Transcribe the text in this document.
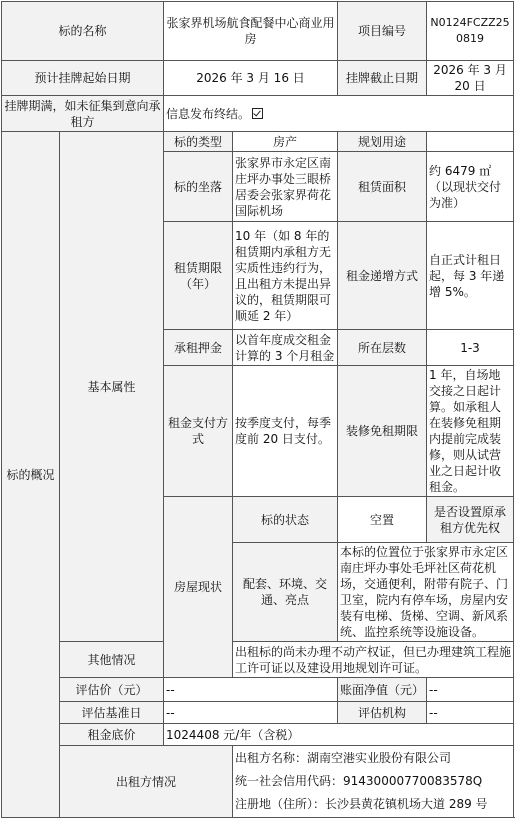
标的名称		张家界机场航食配餐中心商业用房		项目编号	N0124FCZZ250819	
预计挂牌起始日期		2026 年 3 月 16 日		挂牌截止日期	2026 年 3 月 20 日	
挂牌期满，如未征集到意向承租方		信息发布终结。				
标的概况	基本属性	标的类型	房产	规划用途		
		标的坐落	张家界市永定区南庄坪办事处三眼桥居委会张家界荷花国际机场	租赁面积	约 6479 ㎡（以现状交付为准）	
		租赁期限（年）	10 年（如 8 年的租赁期内承租方无实质性违约行为，且出租方未提出异议的，租赁期限可顺延 2 年）	租金递增方式	自正式计租日起，每 3 年递增 5%。	
		承租押金	以首年度成交租金计算的 3 个月租金	所在层数	1-3	
		租金支付方式	按季度支付，每季度前 20 日支付。	装修免租期限	1 年，自场地交接之日起计算。如承租人在装修免租期内提前完成装修，则从试营业之日起计收租金。	
		房屋现状	标的状态	空置	是否设置原承租方优先权	
			配套、环境、交通、亮点	本标的位置位于张家界市永定区南庄坪办事处毛坪社区荷花机场，交通便利，附带有院子、门卫室，院内有停车场，房屋内安装有电梯、货梯、空调、新风系统、监控系统等设施设备。		
	其他情况		出租标的尚未办理不动产权证，但已办理建筑工程施工许可证以及建设用地规划许可证。			
	评估价（元）	--		账面净值（元）	--	
	评估基准日	--		评估机构	--	
	租金底价	1024408 元/年（含税）				
	出租方情况		出租方名称：湖南空港实业股份有限公司
统一社会信用代码：91430000770083578Q
注册地（住所）：长沙县黄花镇机场大道 289 号			
